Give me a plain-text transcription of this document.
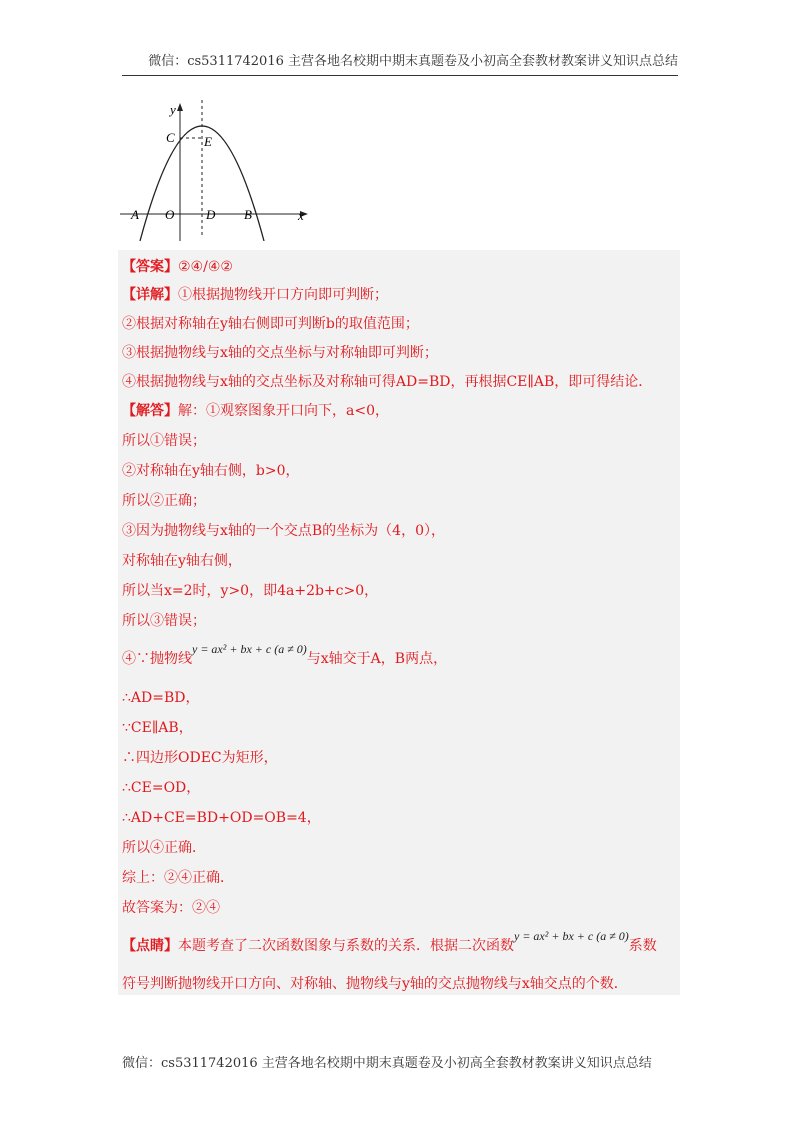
微信：cs5311742016 主营各地名校期中期末真题卷及小初高全套教材教案讲义知识点总结
y
x
A O D B
C E
【答案】②④/④②
【详解】①根据抛物线开口方向即可判断；
②根据对称轴在y轴右侧即可判断b的取值范围；
③根据抛物线与x轴的交点坐标与对称轴即可判断；
④根据抛物线与x轴的交点坐标及对称轴可得AD=BD，再根据CE∥AB，即可得结论．
【解答】解：①观察图象开口向下，a<0，
所以①错误；
②对称轴在y轴右侧，b>0，
所以②正确；
③因为抛物线与x轴的一个交点B的坐标为（4，0），
对称轴在y轴右侧，
所以当x=2时，y>0，即4a+2b+c>0，
所以③错误；
④∵抛物线y = ax² + bx + c (a ≠ 0)与x轴交于A，B两点，
∴AD=BD，
∵CE∥AB，
∴四边形ODEC为矩形，
∴CE=OD，
∴AD+CE=BD+OD=OB=4，
所以④正确．
综上：②④正确．
故答案为：②④
【点睛】本题考查了二次函数图象与系数的关系．根据二次函数y = ax² + bx + c (a ≠ 0)系数
符号判断抛物线开口方向、对称轴、抛物线与y轴的交点抛物线与x轴交点的个数．
微信：cs5311742016 主营各地名校期中期末真题卷及小初高全套教材教案讲义知识点总结
